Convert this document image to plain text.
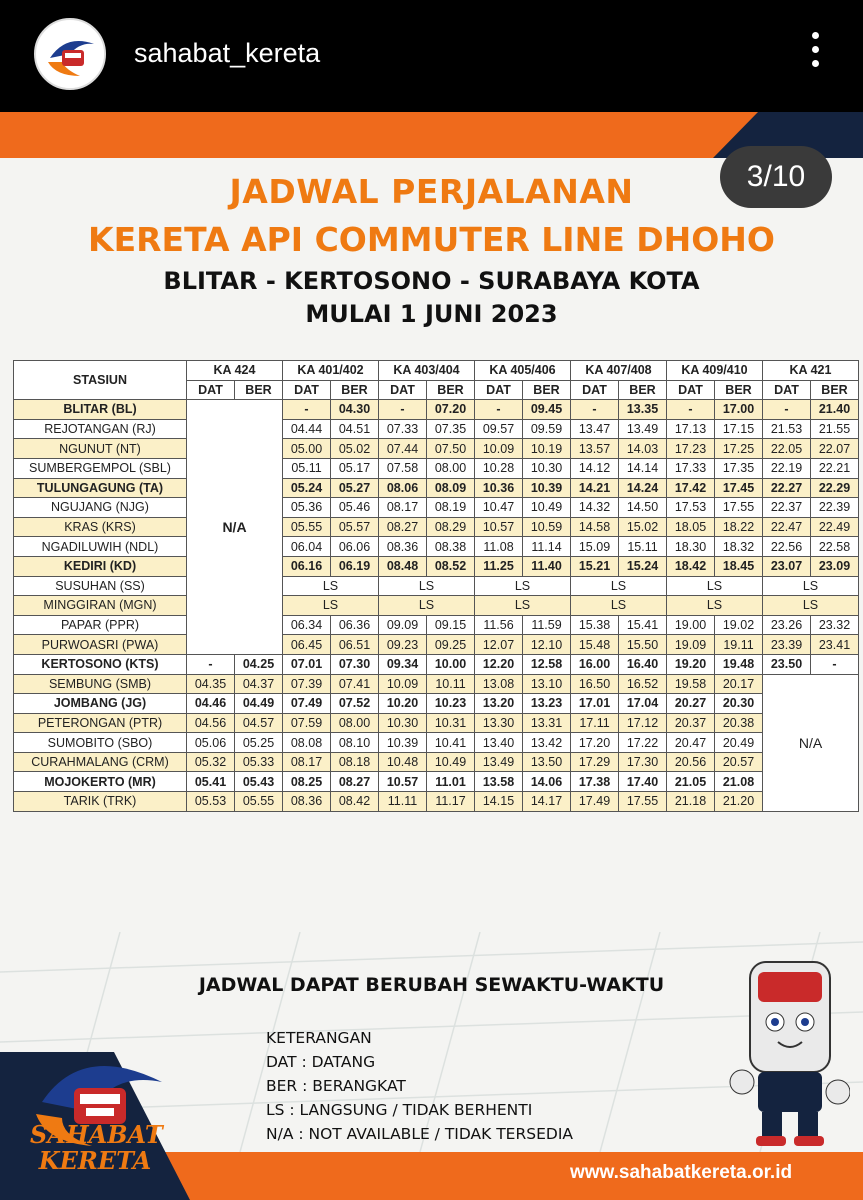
sahabat_kereta
3/10
JADWAL PERJALANAN
KERETA API COMMUTER LINE DHOHO
BLITAR - KERTOSONO - SURABAYA KOTA
MULAI 1 JUNI 2023
STASIUN	KA 424		KA 401/402		KA 403/404		KA 405/406		KA 407/408		KA 409/410		KA 421	
	DAT	BER	DAT	BER	DAT	BER	DAT	BER	DAT	BER	DAT	BER	DAT	BER
BLITAR (BL)	N/A		-	04.30	-	07.20	-	09.45	-	13.35	-	17.00	-	21.40
REJOTANGAN (RJ)			04.44	04.51	07.33	07.35	09.57	09.59	13.47	13.49	17.13	17.15	21.53	21.55
NGUNUT (NT)			05.00	05.02	07.44	07.50	10.09	10.19	13.57	14.03	17.23	17.25	22.05	22.07
SUMBERGEMPOL (SBL)			05.11	05.17	07.58	08.00	10.28	10.30	14.12	14.14	17.33	17.35	22.19	22.21
TULUNGAGUNG (TA)			05.24	05.27	08.06	08.09	10.36	10.39	14.21	14.24	17.42	17.45	22.27	22.29
NGUJANG (NJG)			05.36	05.46	08.17	08.19	10.47	10.49	14.32	14.50	17.53	17.55	22.37	22.39
KRAS (KRS)			05.55	05.57	08.27	08.29	10.57	10.59	14.58	15.02	18.05	18.22	22.47	22.49
NGADILUWIH (NDL)			06.04	06.06	08.36	08.38	11.08	11.14	15.09	15.11	18.30	18.32	22.56	22.58
KEDIRI (KD)			06.16	06.19	08.48	08.52	11.25	11.40	15.21	15.24	18.42	18.45	23.07	23.09
SUSUHAN (SS)			LS		LS		LS		LS		LS		LS	
MINGGIRAN (MGN)			LS		LS		LS		LS		LS		LS	
PAPAR (PPR)			06.34	06.36	09.09	09.15	11.56	11.59	15.38	15.41	19.00	19.02	23.26	23.32
PURWOASRI (PWA)			06.45	06.51	09.23	09.25	12.07	12.10	15.48	15.50	19.09	19.11	23.39	23.41
KERTOSONO (KTS)	-	04.25	07.01	07.30	09.34	10.00	12.20	12.58	16.00	16.40	19.20	19.48	23.50	-
SEMBUNG (SMB)	04.35	04.37	07.39	07.41	10.09	10.11	13.08	13.10	16.50	16.52	19.58	20.17	N/A	
JOMBANG (JG)	04.46	04.49	07.49	07.52	10.20	10.23	13.20	13.23	17.01	17.04	20.27	20.30		
PETERONGAN (PTR)	04.56	04.57	07.59	08.00	10.30	10.31	13.30	13.31	17.11	17.12	20.37	20.38		
SUMOBITO (SBO)	05.06	05.25	08.08	08.10	10.39	10.41	13.40	13.42	17.20	17.22	20.47	20.49		
CURAHMALANG (CRM)	05.32	05.33	08.17	08.18	10.48	10.49	13.49	13.50	17.29	17.30	20.56	20.57		
MOJOKERTO (MR)	05.41	05.43	08.25	08.27	10.57	11.01	13.58	14.06	17.38	17.40	21.05	21.08		
TARIK (TRK)	05.53	05.55	08.36	08.42	11.11	11.17	14.15	14.17	17.49	17.55	21.18	21.20		
JADWAL DAPAT BERUBAH SEWAKTU-WAKTU
KETERANGAN
DAT : DATANG
BER : BERANGKAT
LS : LANGSUNG / TIDAK BERHENTI
N/A : NOT AVAILABLE / TIDAK TERSEDIA
SAHABAT KERETA	www.sahabatkereta.or.id
